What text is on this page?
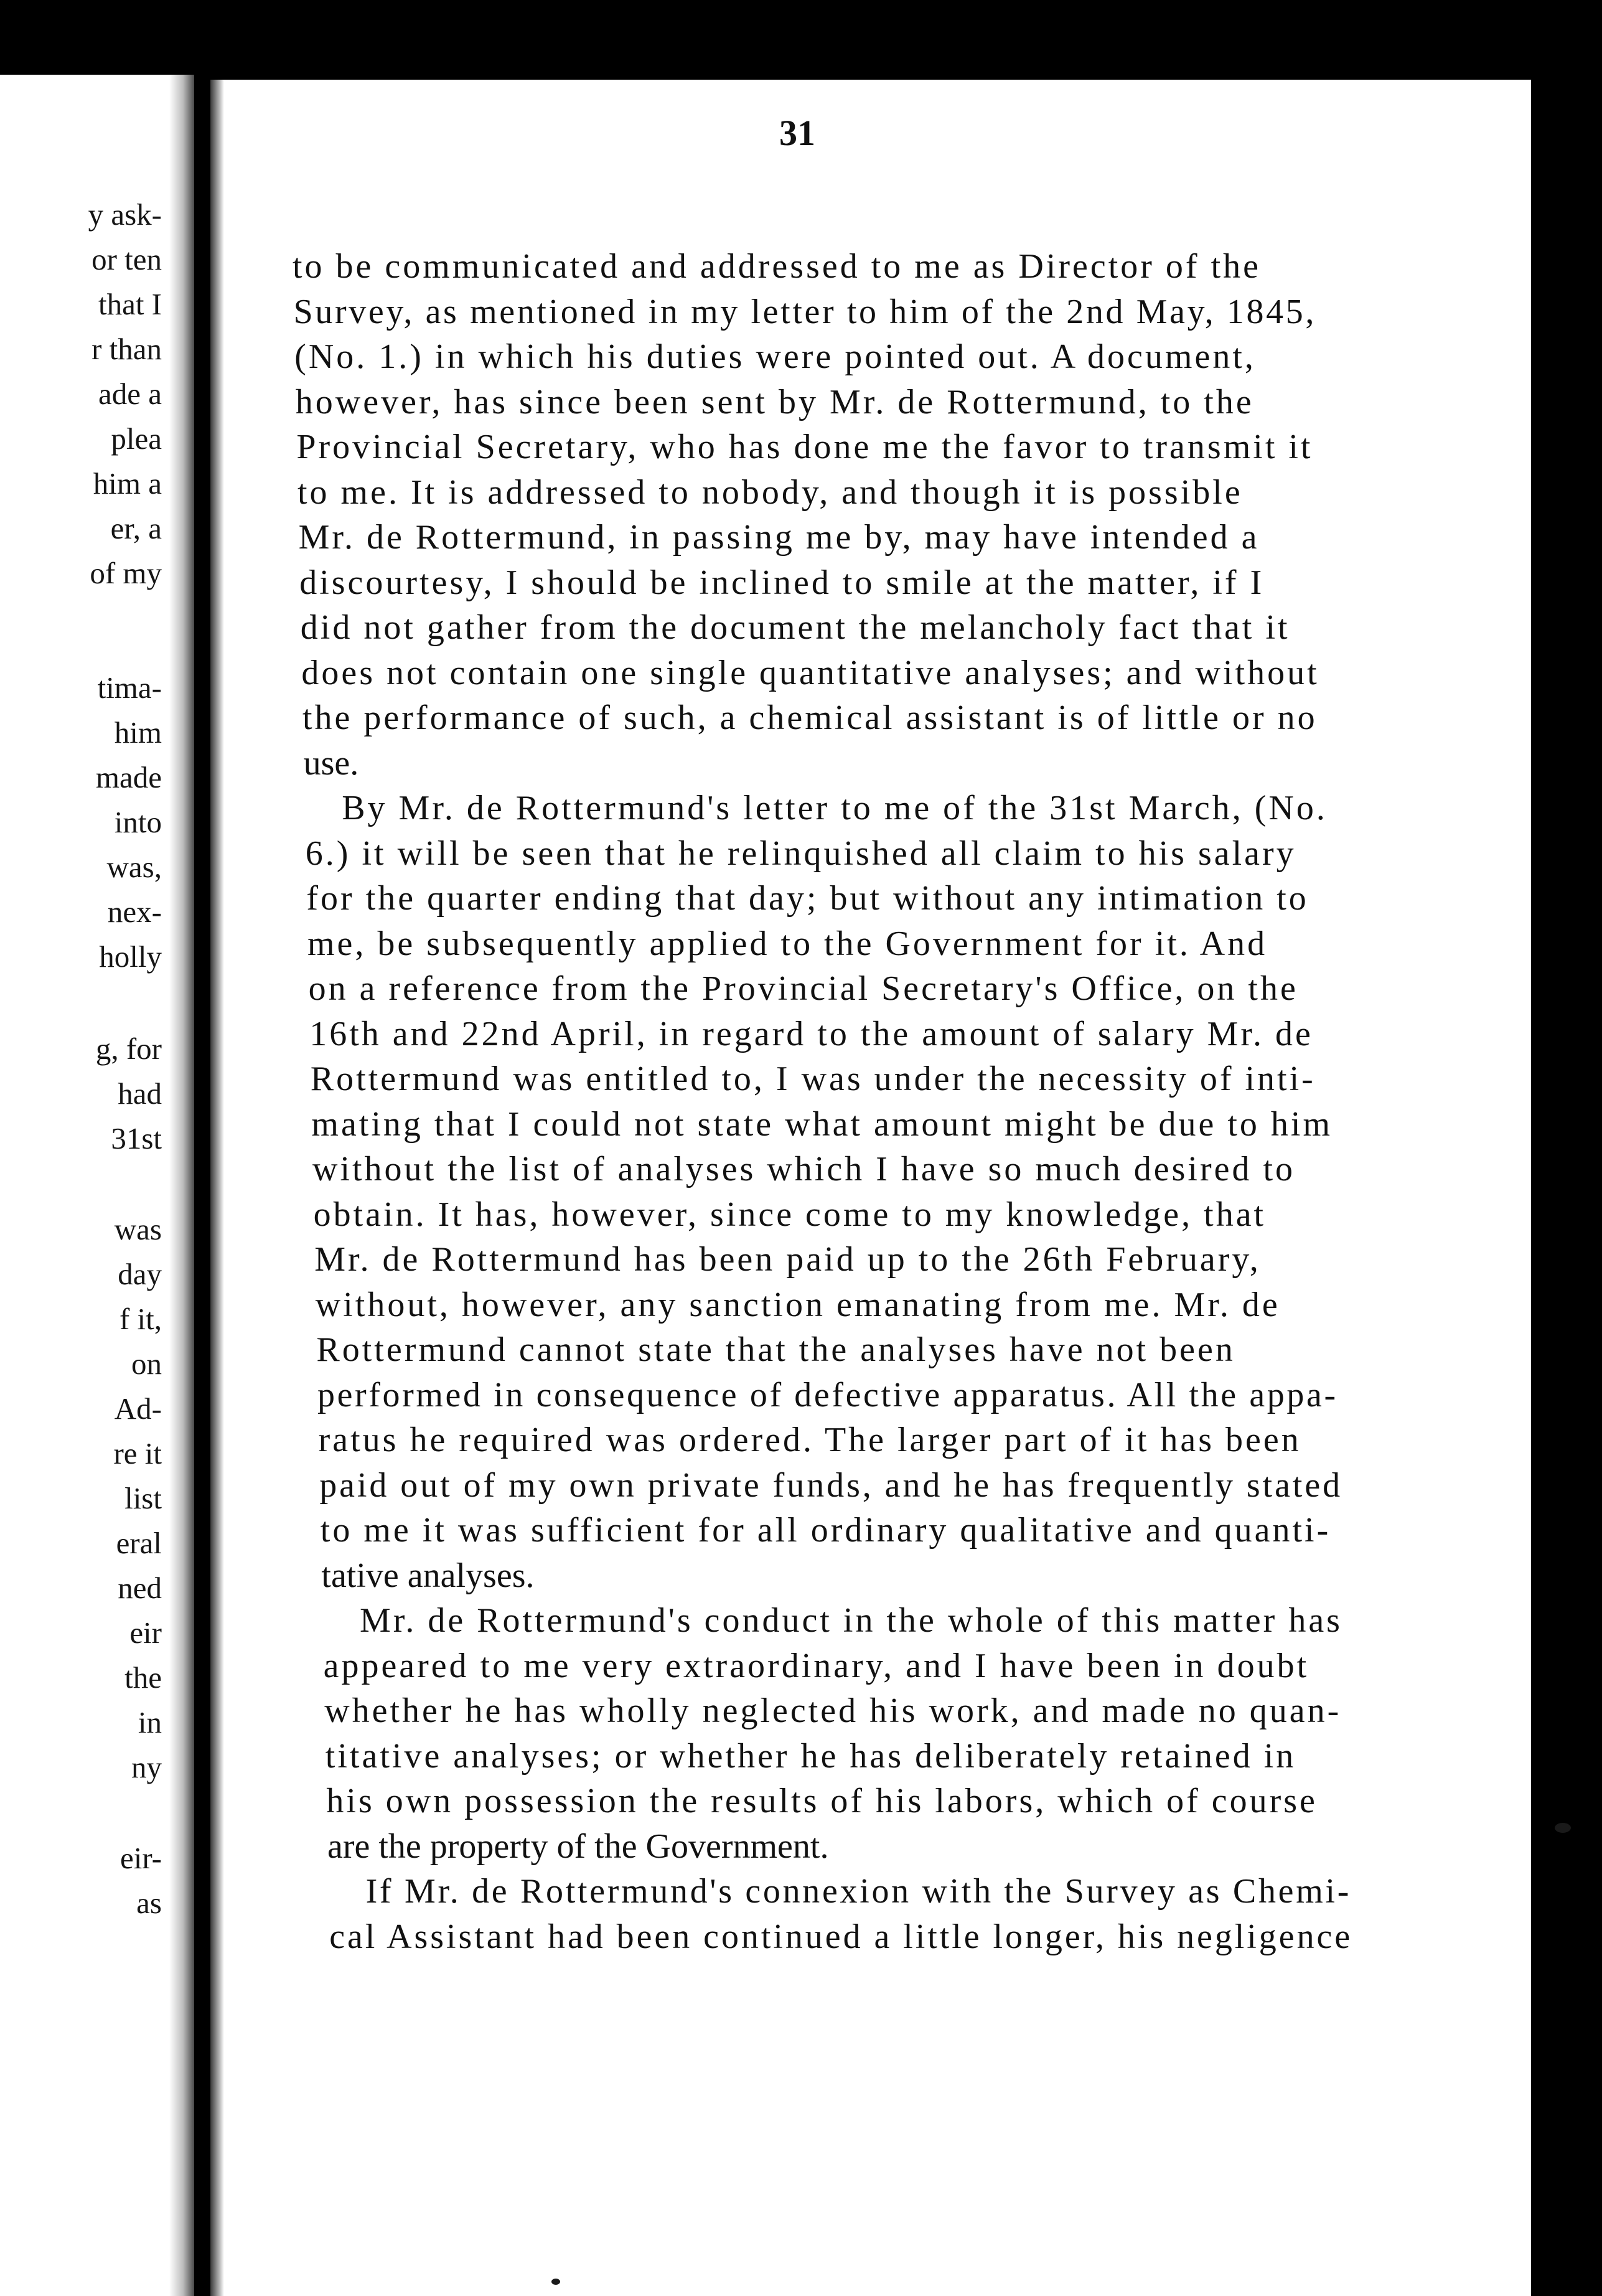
y ask-
or ten
that I
r than
ade a
plea
him a
er, a
of my
tima-
him
made
into
was,
nex-
holly
g, for
had
31st
was
day
f it,
on
Ad-
re it
list
eral
ned
eir
the
in
ny
eir-
as
31
to be communicated and addressed to me as Director of the
Survey, as mentioned in my letter to him of the 2nd May, 1845,
(No. 1.) in which his duties were pointed out. A document,
however, has since been sent by Mr. de Rottermund, to the
Provincial Secretary, who has done me the favor to transmit it
to me. It is addressed to nobody, and though it is possible
Mr. de Rottermund, in passing me by, may have intended a
discourtesy, I should be inclined to smile at the matter, if I
did not gather from the document the melancholy fact that it
does not contain one single quantitative analyses; and without
the performance of such, a chemical assistant is of little or no
use.
By Mr. de Rottermund's letter to me of the 31st March, (No.
6.) it will be seen that he relinquished all claim to his salary
for the quarter ending that day; but without any intimation to
me, be subsequently applied to the Government for it. And
on a reference from the Provincial Secretary's Office, on the
16th and 22nd April, in regard to the amount of salary Mr. de
Rottermund was entitled to, I was under the necessity of inti-
mating that I could not state what amount might be due to him
without the list of analyses which I have so much desired to
obtain. It has, however, since come to my knowledge, that
Mr. de Rottermund has been paid up to the 26th February,
without, however, any sanction emanating from me. Mr. de
Rottermund cannot state that the analyses have not been
performed in consequence of defective apparatus. All the appa-
ratus he required was ordered. The larger part of it has been
paid out of my own private funds, and he has frequently stated
to me it was sufficient for all ordinary qualitative and quanti-
tative analyses.
Mr. de Rottermund's conduct in the whole of this matter has
appeared to me very extraordinary, and I have been in doubt
whether he has wholly neglected his work, and made no quan-
titative analyses; or whether he has deliberately retained in
his own possession the results of his labors, which of course
are the property of the Government.
If Mr. de Rottermund's connexion with the Survey as Chemi-
cal Assistant had been continued a little longer, his negligence
